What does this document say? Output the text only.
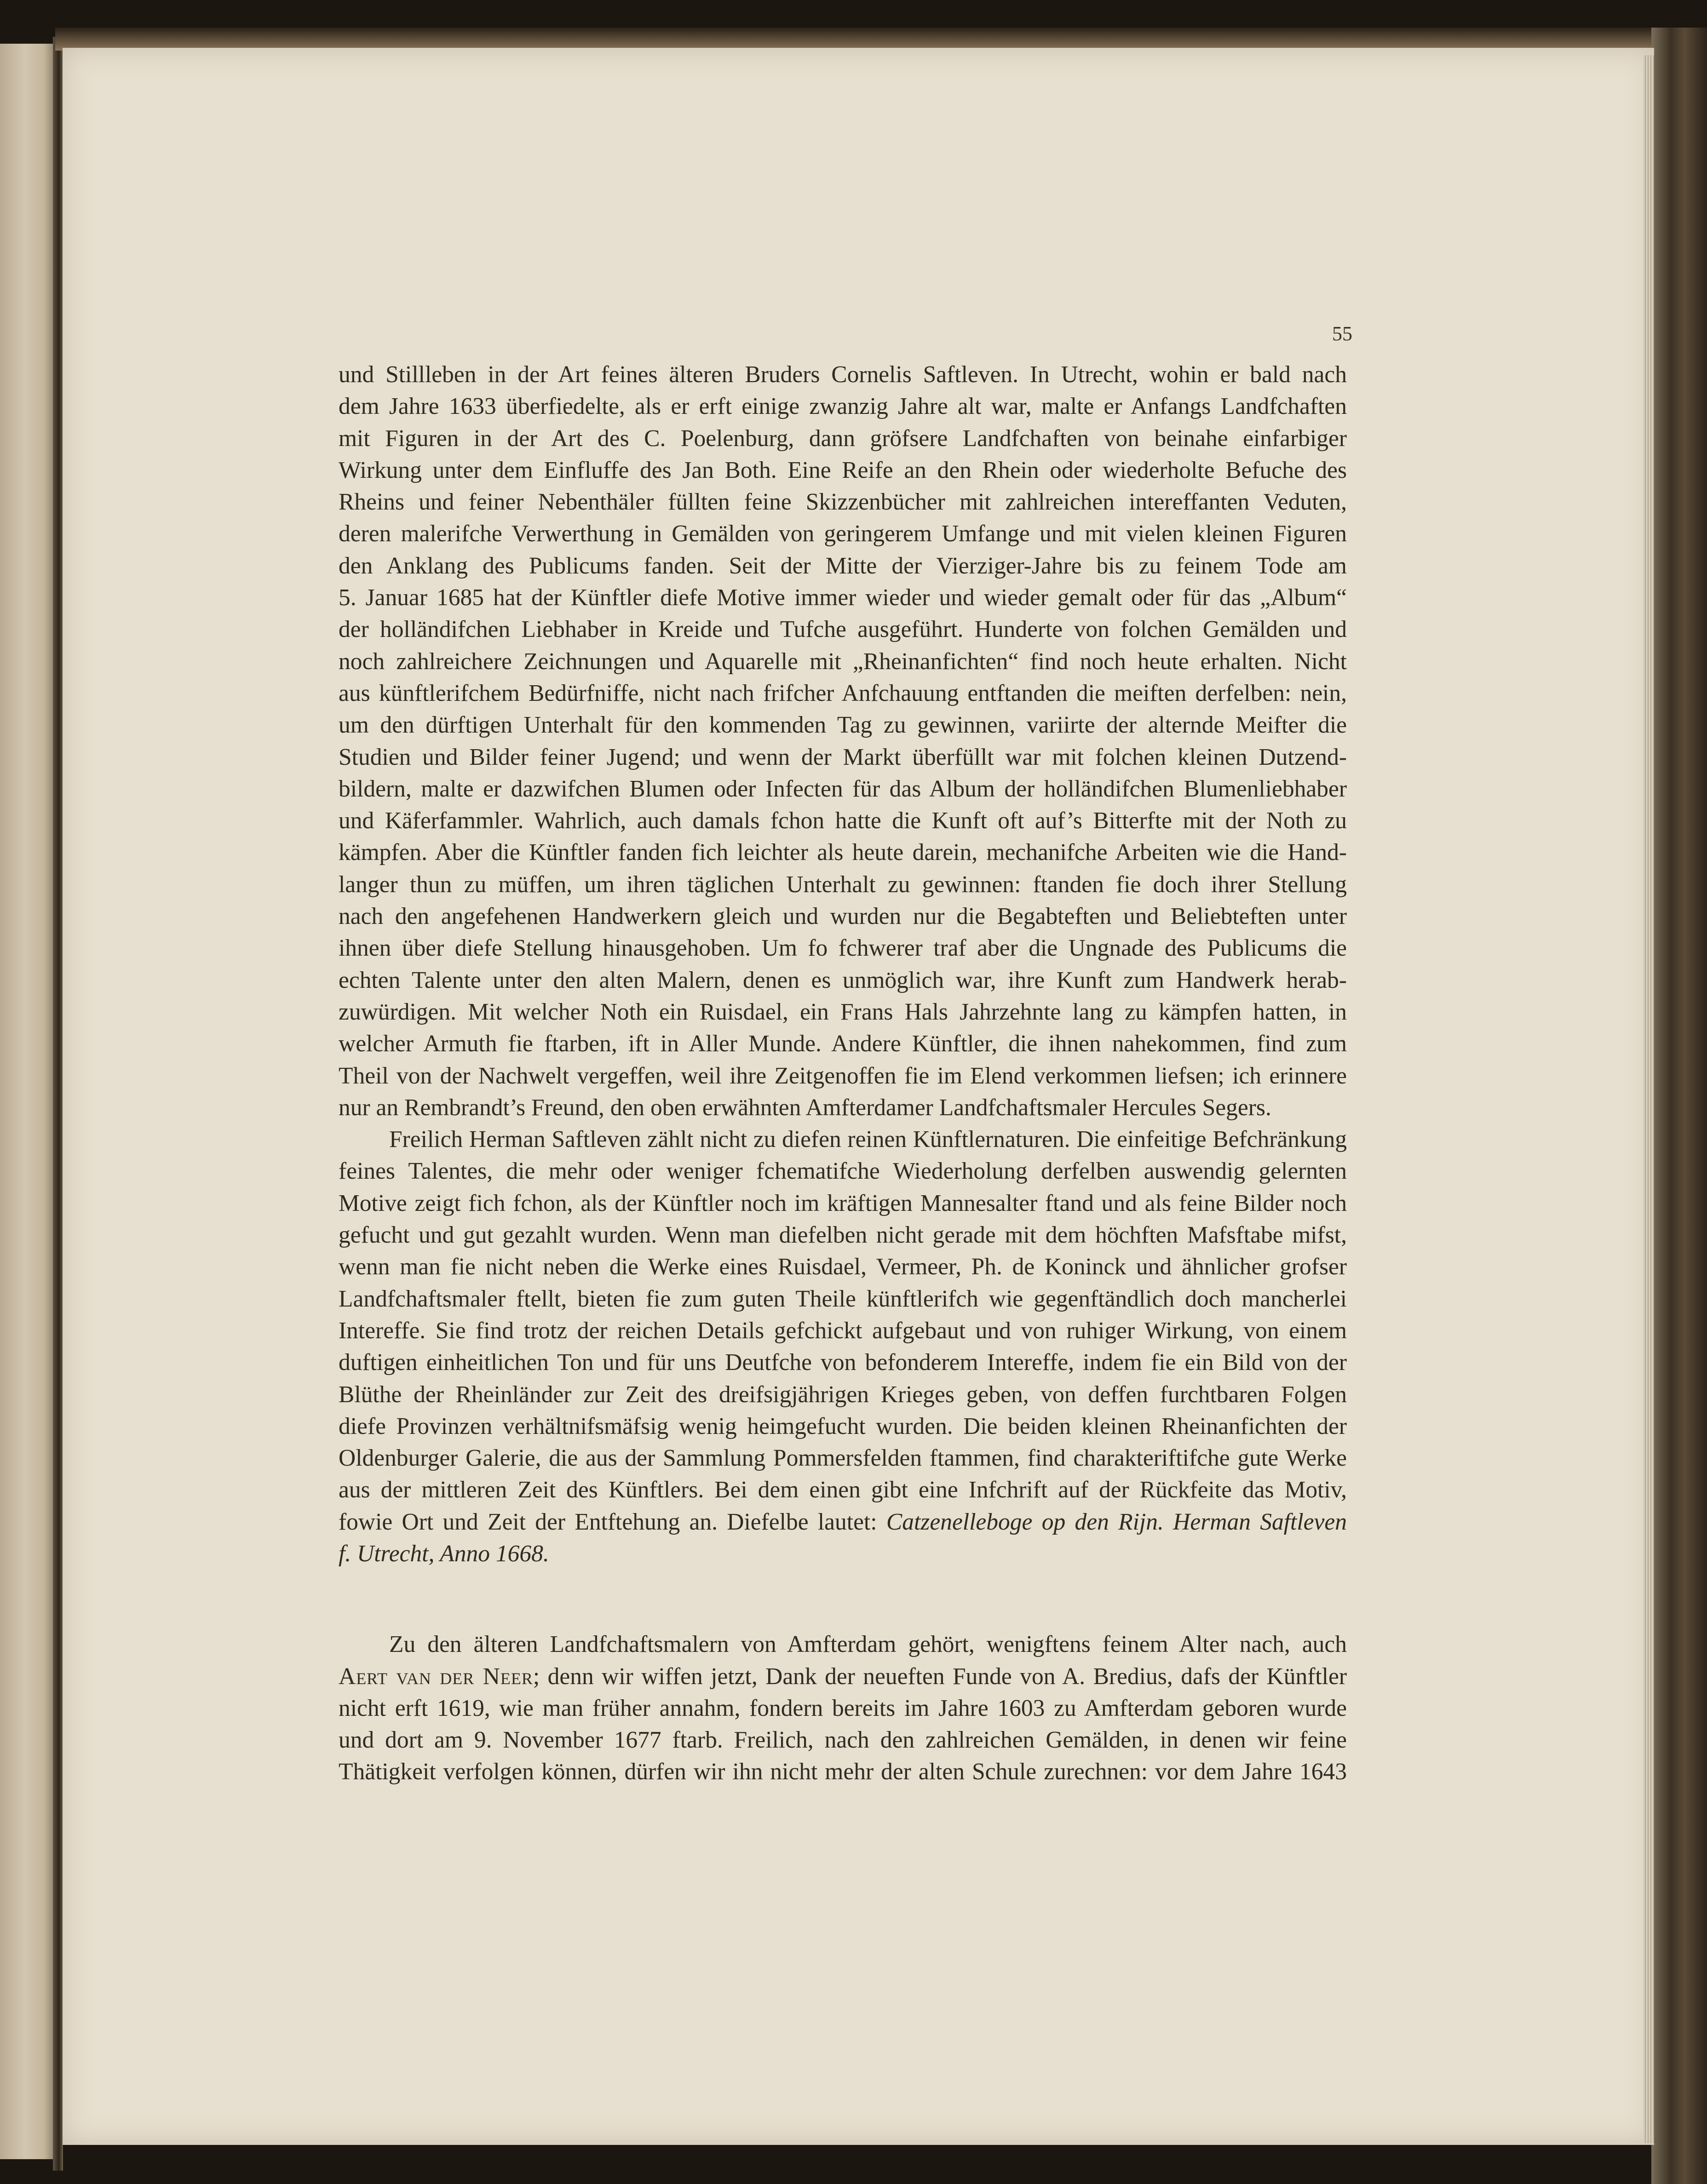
55
und Stillleben in der Art feines älteren Bruders Cornelis Saftleven. In Utrecht, wohin er bald nach
dem Jahre 1633 überfiedelte, als er erft einige zwanzig Jahre alt war, malte er Anfangs Landfchaften
mit Figuren in der Art des C. Poelenburg, dann gröfsere Landfchaften von beinahe einfarbiger
Wirkung unter dem Einfluffe des Jan Both. Eine Reife an den Rhein oder wiederholte Befuche des
Rheins und feiner Nebenthäler füllten feine Skizzenbücher mit zahlreichen intereffanten Veduten,
deren malerifche Verwerthung in Gemälden von geringerem Umfange und mit vielen kleinen Figuren
den Anklang des Publicums fanden. Seit der Mitte der Vierziger-Jahre bis zu feinem Tode am
5. Januar 1685 hat der Künftler diefe Motive immer wieder und wieder gemalt oder für das „Album“
der holländifchen Liebhaber in Kreide und Tufche ausgeführt. Hunderte von folchen Gemälden und
noch zahlreichere Zeichnungen und Aquarelle mit „Rheinanfichten“ find noch heute erhalten. Nicht
aus künftlerifchem Bedürfniffe, nicht nach frifcher Anfchauung entftanden die meiften derfelben: nein,
um den dürftigen Unterhalt für den kommenden Tag zu gewinnen, variirte der alternde Meifter die
Studien und Bilder feiner Jugend; und wenn der Markt überfüllt war mit folchen kleinen Dutzend-
bildern, malte er dazwifchen Blumen oder Infecten für das Album der holländifchen Blumenliebhaber
und Käferfammler. Wahrlich, auch damals fchon hatte die Kunft oft auf’s Bitterfte mit der Noth zu
kämpfen. Aber die Künftler fanden fich leichter als heute darein, mechanifche Arbeiten wie die Hand-
langer thun zu müffen, um ihren täglichen Unterhalt zu gewinnen: ftanden fie doch ihrer Stellung
nach den angefehenen Handwerkern gleich und wurden nur die Begabteften und Beliebteften unter
ihnen über diefe Stellung hinausgehoben. Um fo fchwerer traf aber die Ungnade des Publicums die
echten Talente unter den alten Malern, denen es unmöglich war, ihre Kunft zum Handwerk herab-
zuwürdigen. Mit welcher Noth ein Ruisdael, ein Frans Hals Jahrzehnte lang zu kämpfen hatten, in
welcher Armuth fie ftarben, ift in Aller Munde. Andere Künftler, die ihnen nahekommen, find zum
Theil von der Nachwelt vergeffen, weil ihre Zeitgenoffen fie im Elend verkommen liefsen; ich erinnere
nur an Rembrandt’s Freund, den oben erwähnten Amfterdamer Landfchaftsmaler Hercules Segers.
Freilich Herman Saftleven zählt nicht zu diefen reinen Künftlernaturen. Die einfeitige Befchränkung
feines Talentes, die mehr oder weniger fchematifche Wiederholung derfelben auswendig gelernten
Motive zeigt fich fchon, als der Künftler noch im kräftigen Mannesalter ftand und als feine Bilder noch
gefucht und gut gezahlt wurden. Wenn man diefelben nicht gerade mit dem höchften Mafsftabe mifst,
wenn man fie nicht neben die Werke eines Ruisdael, Vermeer, Ph. de Koninck und ähnlicher grofser
Landfchaftsmaler ftellt, bieten fie zum guten Theile künftlerifch wie gegenftändlich doch mancherlei
Intereffe. Sie find trotz der reichen Details gefchickt aufgebaut und von ruhiger Wirkung, von einem
duftigen einheitlichen Ton und für uns Deutfche von befonderem Intereffe, indem fie ein Bild von der
Blüthe der Rheinländer zur Zeit des dreifsigjährigen Krieges geben, von deffen furchtbaren Folgen
diefe Provinzen verhältnifsmäfsig wenig heimgefucht wurden. Die beiden kleinen Rheinanfichten der
Oldenburger Galerie, die aus der Sammlung Pommersfelden ftammen, find charakteriftifche gute Werke
aus der mittleren Zeit des Künftlers. Bei dem einen gibt eine Infchrift auf der Rückfeite das Motiv,
fowie Ort und Zeit der Entftehung an. Diefelbe lautet: Catzenelleboge op den Rijn. Herman Saftleven
f. Utrecht, Anno 1668.
Zu den älteren Landfchaftsmalern von Amfterdam gehört, wenigftens feinem Alter nach, auch
Aert van der Neer; denn wir wiffen jetzt, Dank der neueften Funde von A. Bredius, dafs der Künftler
nicht erft 1619, wie man früher annahm, fondern bereits im Jahre 1603 zu Amfterdam geboren wurde
und dort am 9. November 1677 ftarb. Freilich, nach den zahlreichen Gemälden, in denen wir feine
Thätigkeit verfolgen können, dürfen wir ihn nicht mehr der alten Schule zurechnen: vor dem Jahre 1643
